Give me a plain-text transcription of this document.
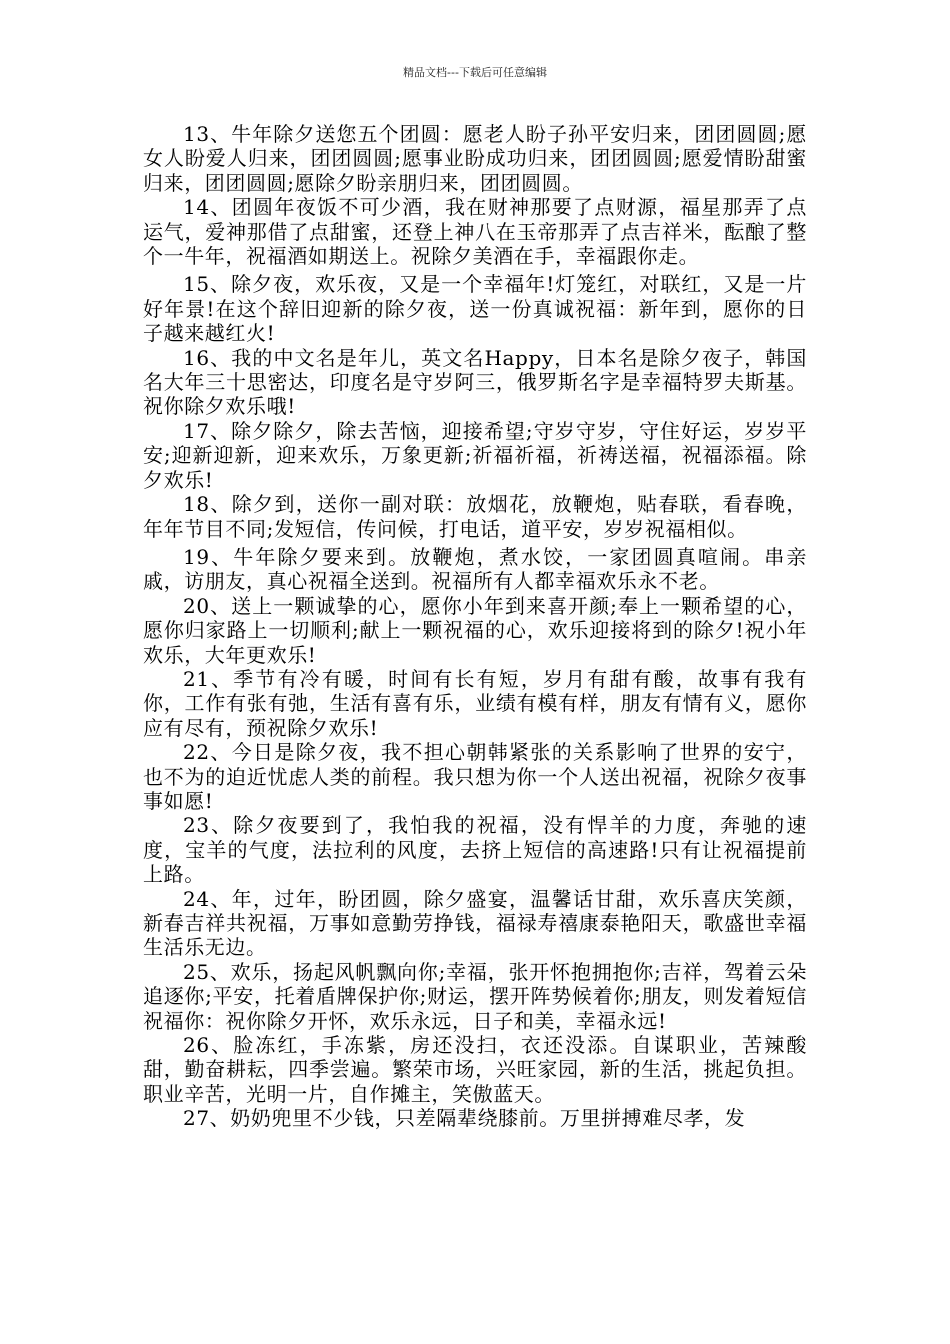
精品文档---下载后可任意编辑

13、牛年除夕送您五个团圆：愿老人盼子孙平安归来，团团圆圆;愿女人盼爱人归来，团团圆圆;愿事业盼成功归来，团团圆圆;愿爱情盼甜蜜归来，团团圆圆;愿除夕盼亲朋归来，团团圆圆。

14、团圆年夜饭不可少酒，我在财神那要了点财源，福星那弄了点运气，爱神那借了点甜蜜，还登上神八在玉帝那弄了点吉祥米，酝酿了整个一牛年，祝福酒如期送上。祝除夕美酒在手，幸福跟你走。

15、除夕夜，欢乐夜，又是一个幸福年!灯笼红，对联红，又是一片好年景!在这个辞旧迎新的除夕夜，送一份真诚祝福：新年到，愿你的日子越来越红火!

16、我的中文名是年儿，英文名Happy，日本名是除夕夜子，韩国名大年三十思密达，印度名是守岁阿三，俄罗斯名字是幸福特罗夫斯基。祝你除夕欢乐哦!

17、除夕除夕，除去苦恼，迎接希望;守岁守岁，守住好运，岁岁平安;迎新迎新，迎来欢乐，万象更新;祈福祈福，祈祷送福，祝福添福。除夕欢乐!

18、除夕到，送你一副对联：放烟花，放鞭炮，贴春联，看春晚，年年节目不同;发短信，传问候，打电话，道平安，岁岁祝福相似。

19、牛年除夕要来到。放鞭炮，煮水饺，一家团圆真喧闹。串亲戚，访朋友，真心祝福全送到。祝福所有人都幸福欢乐永不老。

20、送上一颗诚挚的心，愿你小年到来喜开颜;奉上一颗希望的心，愿你归家路上一切顺利;献上一颗祝福的心，欢乐迎接将到的除夕!祝小年欢乐，大年更欢乐!

21、季节有冷有暖，时间有长有短，岁月有甜有酸，故事有我有你，工作有张有弛，生活有喜有乐，业绩有模有样，朋友有情有义，愿你应有尽有，预祝除夕欢乐!

22、今日是除夕夜，我不担心朝韩紧张的关系影响了世界的安宁，也不为的迫近忧虑人类的前程。我只想为你一个人送出祝福，祝除夕夜事事如愿!

23、除夕夜要到了，我怕我的祝福，没有悍羊的力度，奔驰的速度，宝羊的气度，法拉利的风度，去挤上短信的高速路!只有让祝福提前上路。

24、年，过年，盼团圆，除夕盛宴，温馨话甘甜，欢乐喜庆笑颜，新春吉祥共祝福，万事如意勤劳挣钱，福禄寿禧康泰艳阳天，歌盛世幸福生活乐无边。

25、欢乐，扬起风帆飘向你;幸福，张开怀抱拥抱你;吉祥，驾着云朵追逐你;平安，托着盾牌保护你;财运，摆开阵势候着你;朋友，则发着短信祝福你：祝你除夕开怀，欢乐永远，日子和美，幸福永远!

26、脸冻红，手冻紫，房还没扫，衣还没添。自谋职业，苦辣酸甜，勤奋耕耘，四季尝遍。繁荣市场，兴旺家园，新的生活，挑起负担。职业辛苦，光明一片，自作摊主，笑傲蓝天。

27、奶奶兜里不少钱，只差隔辈绕膝前。万里拼搏难尽孝，发
